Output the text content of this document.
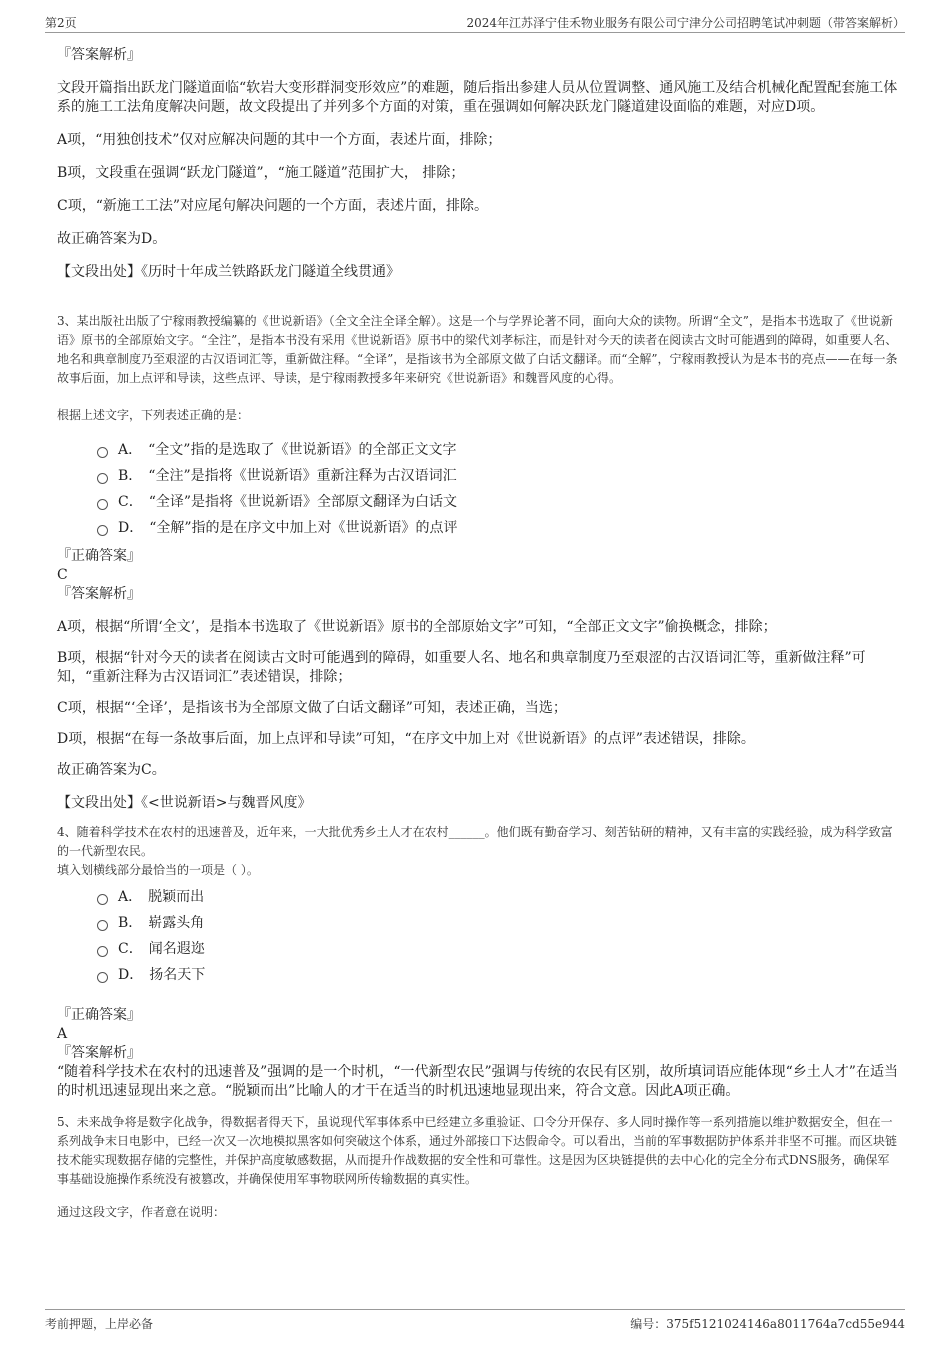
第2页	2024年江苏泽宁佳禾物业服务有限公司宁津分公司招聘笔试冲刺题（带答案解析）

『答案解析』

文段开篇指出跃龙门隧道面临“软岩大变形群洞变形效应”的难题，随后指出参建人员从位置调整、通风施工及结合机械化配置配套施工体系的施工工法角度解决问题，故文段提出了并列多个方面的对策，重在强调如何解决跃龙门隧道建设面临的难题，对应D项。

A项，“用独创技术”仅对应解决问题的其中一个方面，表述片面，排除；

B项，文段重在强调“跃龙门隧道”，“施工隧道”范围扩大， 排除；

C项，“新施工工法”对应尾句解决问题的一个方面，表述片面，排除。

故正确答案为D。

【文段出处】《历时十年成兰铁路跃龙门隧道全线贯通》

3、某出版社出版了宁稼雨教授编纂的《世说新语》（全文全注全译全解）。这是一个与学界论著不同，面向大众的读物。所谓“全文”，是指本书选取了《世说新语》原书的全部原始文字。“全注”，是指本书没有采用《世说新语》原书中的梁代刘孝标注，而是针对今天的读者在阅读古文时可能遇到的障碍，如重要人名、地名和典章制度乃至艰涩的古汉语词汇等，重新做注释。“全译”，是指该书为全部原文做了白话文翻译。而“全解”，宁稼雨教授认为是本书的亮点——在每一条故事后面，加上点评和导读，这些点评、导读，是宁稼雨教授多年来研究《世说新语》和魏晋风度的心得。

根据上述文字，下列表述正确的是：

A． “全文”指的是选取了《世说新语》的全部正文文字
B． “全注”是指将《世说新语》重新注释为古汉语词汇
C． “全译”是指将《世说新语》全部原文翻译为白话文
D． “全解”指的是在序文中加上对《世说新语》的点评

『正确答案』

C

『答案解析』

A项，根据“所谓‘全文’，是指本书选取了《世说新语》原书的全部原始文字”可知，“全部正文文字”偷换概念，排除；

B项，根据“针对今天的读者在阅读古文时可能遇到的障碍，如重要人名、地名和典章制度乃至艰涩的古汉语词汇等，重新做注释”可知，“重新注释为古汉语词汇”表述错误，排除；

C项，根据“‘全译’，是指该书为全部原文做了白话文翻译”可知，表述正确，当选；

D项，根据“在每一条故事后面，加上点评和导读”可知，“在序文中加上对《世说新语》的点评”表述错误，排除。

故正确答案为C。

【文段出处】《<世说新语>与魏晋风度》

4、随着科学技术在农村的迅速普及，近年来，一大批优秀乡土人才在农村______。他们既有勤奋学习、刻苦钻研的精神，又有丰富的实践经验，成为科学致富的一代新型农民。

填入划横线部分最恰当的一项是（ ）。

A． 脱颖而出
B． 崭露头角
C． 闻名遐迩
D． 扬名天下

『正确答案』

A

『答案解析』

“随着科学技术在农村的迅速普及”强调的是一个时机，“一代新型农民”强调与传统的农民有区别，故所填词语应能体现“乡土人才”在适当的时机迅速显现出来之意。“脱颖而出”比喻人的才干在适当的时机迅速地显现出来，符合文意。因此A项正确。

5、未来战争将是数字化战争，得数据者得天下，虽说现代军事体系中已经建立多重验证、口令分开保存、多人同时操作等一系列措施以维护数据安全，但在一系列战争末日电影中，已经一次又一次地模拟黑客如何突破这个体系，通过外部接口下达假命令。可以看出，当前的军事数据防护体系并非坚不可摧。而区块链技术能实现数据存储的完整性，并保护高度敏感数据，从而提升作战数据的安全性和可靠性。这是因为区块链提供的去中心化的完全分布式DNS服务，确保军事基础设施操作系统没有被篡改，并确保使用军事物联网所传输数据的真实性。

通过这段文字，作者意在说明：

考前押题，上岸必备	编号：375f5121024146a8011764a7cd55e944
